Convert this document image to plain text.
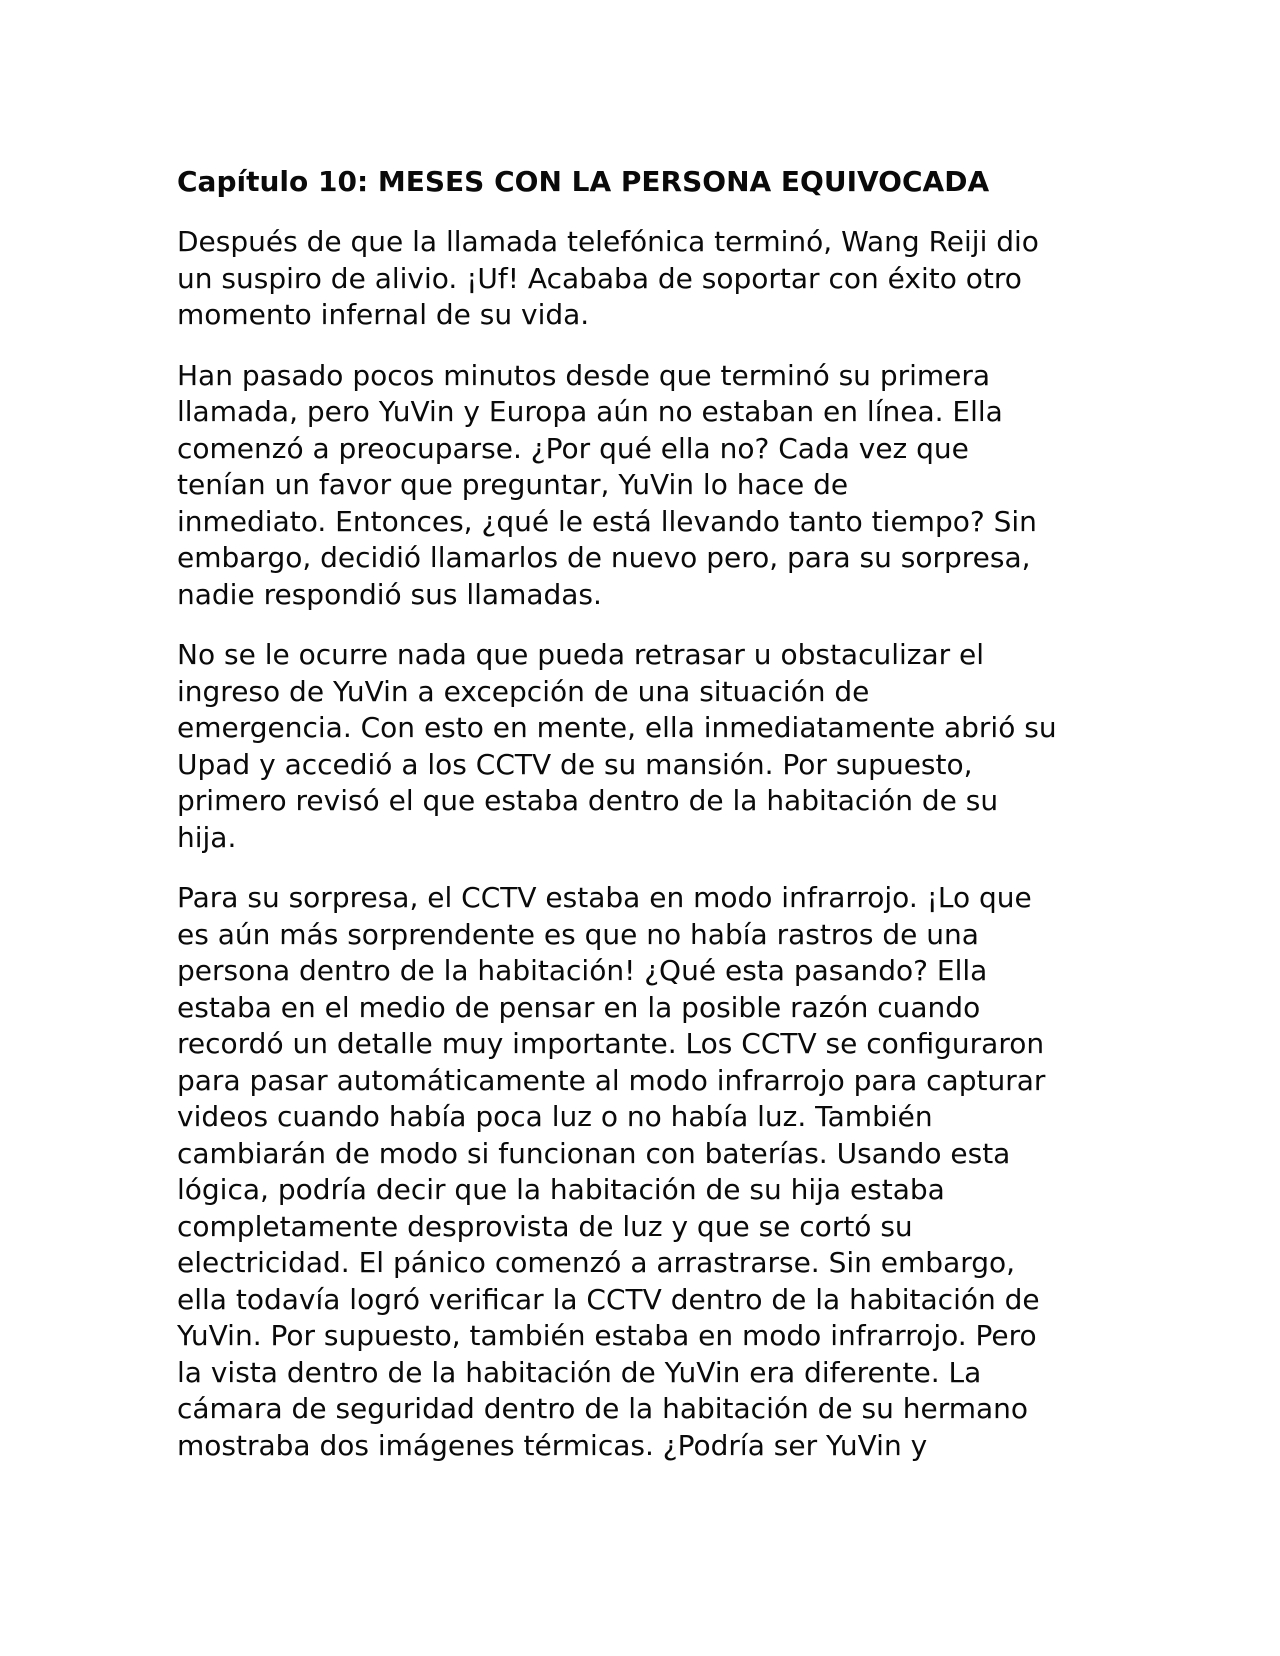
Capítulo 10: MESES CON LA PERSONA EQUIVOCADA
Después de que la llamada telefónica terminó, Wang Reiji dio
un suspiro de alivio. ¡Uf! Acababa de soportar con éxito otro
momento infernal de su vida.
Han pasado pocos minutos desde que terminó su primera
llamada, pero YuVin y Europa aún no estaban en línea. Ella
comenzó a preocuparse. ¿Por qué ella no? Cada vez que
tenían un favor que preguntar, YuVin lo hace de
inmediato. Entonces, ¿qué le está llevando tanto tiempo? Sin
embargo, decidió llamarlos de nuevo pero, para su sorpresa,
nadie respondió sus llamadas.
No se le ocurre nada que pueda retrasar u obstaculizar el
ingreso de YuVin a excepción de una situación de
emergencia. Con esto en mente, ella inmediatamente abrió su
Upad y accedió a los CCTV de su mansión. Por supuesto,
primero revisó el que estaba dentro de la habitación de su
hija.
Para su sorpresa, el CCTV estaba en modo infrarrojo. ¡Lo que
es aún más sorprendente es que no había rastros de una
persona dentro de la habitación! ¿Qué esta pasando? Ella
estaba en el medio de pensar en la posible razón cuando
recordó un detalle muy importante. Los CCTV se configuraron
para pasar automáticamente al modo infrarrojo para capturar
videos cuando había poca luz o no había luz. También
cambiarán de modo si funcionan con baterías. Usando esta
lógica, podría decir que la habitación de su hija estaba
completamente desprovista de luz y que se cortó su
electricidad. El pánico comenzó a arrastrarse. Sin embargo,
ella todavía logró verificar la CCTV dentro de la habitación de
YuVin. Por supuesto, también estaba en modo infrarrojo. Pero
la vista dentro de la habitación de YuVin era diferente. La
cámara de seguridad dentro de la habitación de su hermano
mostraba dos imágenes térmicas. ¿Podría ser YuVin y
